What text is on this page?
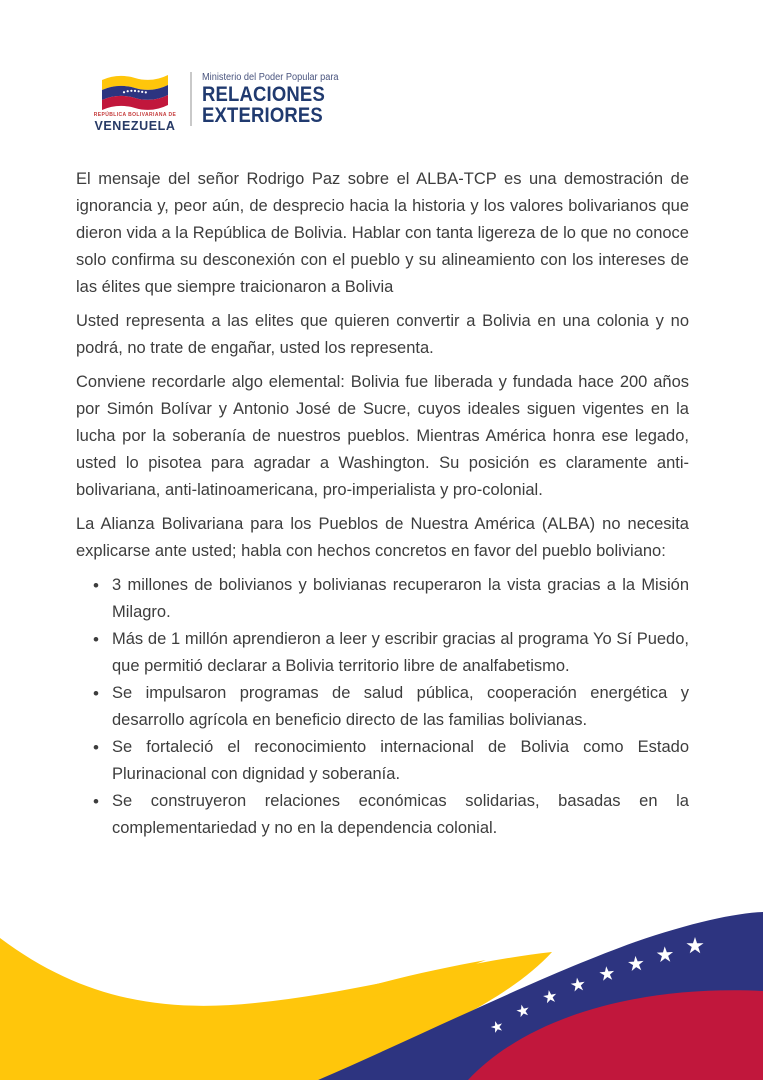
REPÚBLICA BOLIVARIANA DE
VENEZUELA
Ministerio del Poder Popular para
RELACIONES
EXTERIORES

El mensaje del señor Rodrigo Paz sobre el ALBA-TCP es una demostración de ignorancia y, peor aún, de desprecio hacia la historia y los valores bolivarianos que dieron vida a la República de Bolivia. Hablar con tanta ligereza de lo que no conoce solo confirma su desconexión con el pueblo y su alineamiento con los intereses de las élites que siempre traicionaron a Bolivia

Usted representa a las elites que quieren convertir a Bolivia en una colonia y no podrá, no trate de engañar, usted los representa.

Conviene recordarle algo elemental: Bolivia fue liberada y fundada hace 200 años por Simón Bolívar y Antonio José de Sucre, cuyos ideales siguen vigentes en la lucha por la soberanía de nuestros pueblos. Mientras América honra ese legado, usted lo pisotea para agradar a Washington. Su posición es claramente anti-bolivariana, anti-latinoamericana, pro-imperialista y pro-colonial.

La Alianza Bolivariana para los Pueblos de Nuestra América (ALBA) no necesita explicarse ante usted; habla con hechos concretos en favor del pueblo boliviano:

• 3 millones de bolivianos y bolivianas recuperaron la vista gracias a la Misión Milagro.
• Más de 1 millón aprendieron a leer y escribir gracias al programa Yo Sí Puedo, que permitió declarar a Bolivia territorio libre de analfabetismo.
• Se impulsaron programas de salud pública, cooperación energética y desarrollo agrícola en beneficio directo de las familias bolivianas.
• Se fortaleció el reconocimiento internacional de Bolivia como Estado Plurinacional con dignidad y soberanía.
• Se construyeron relaciones económicas solidarias, basadas en la complementariedad y no en la dependencia colonial.
